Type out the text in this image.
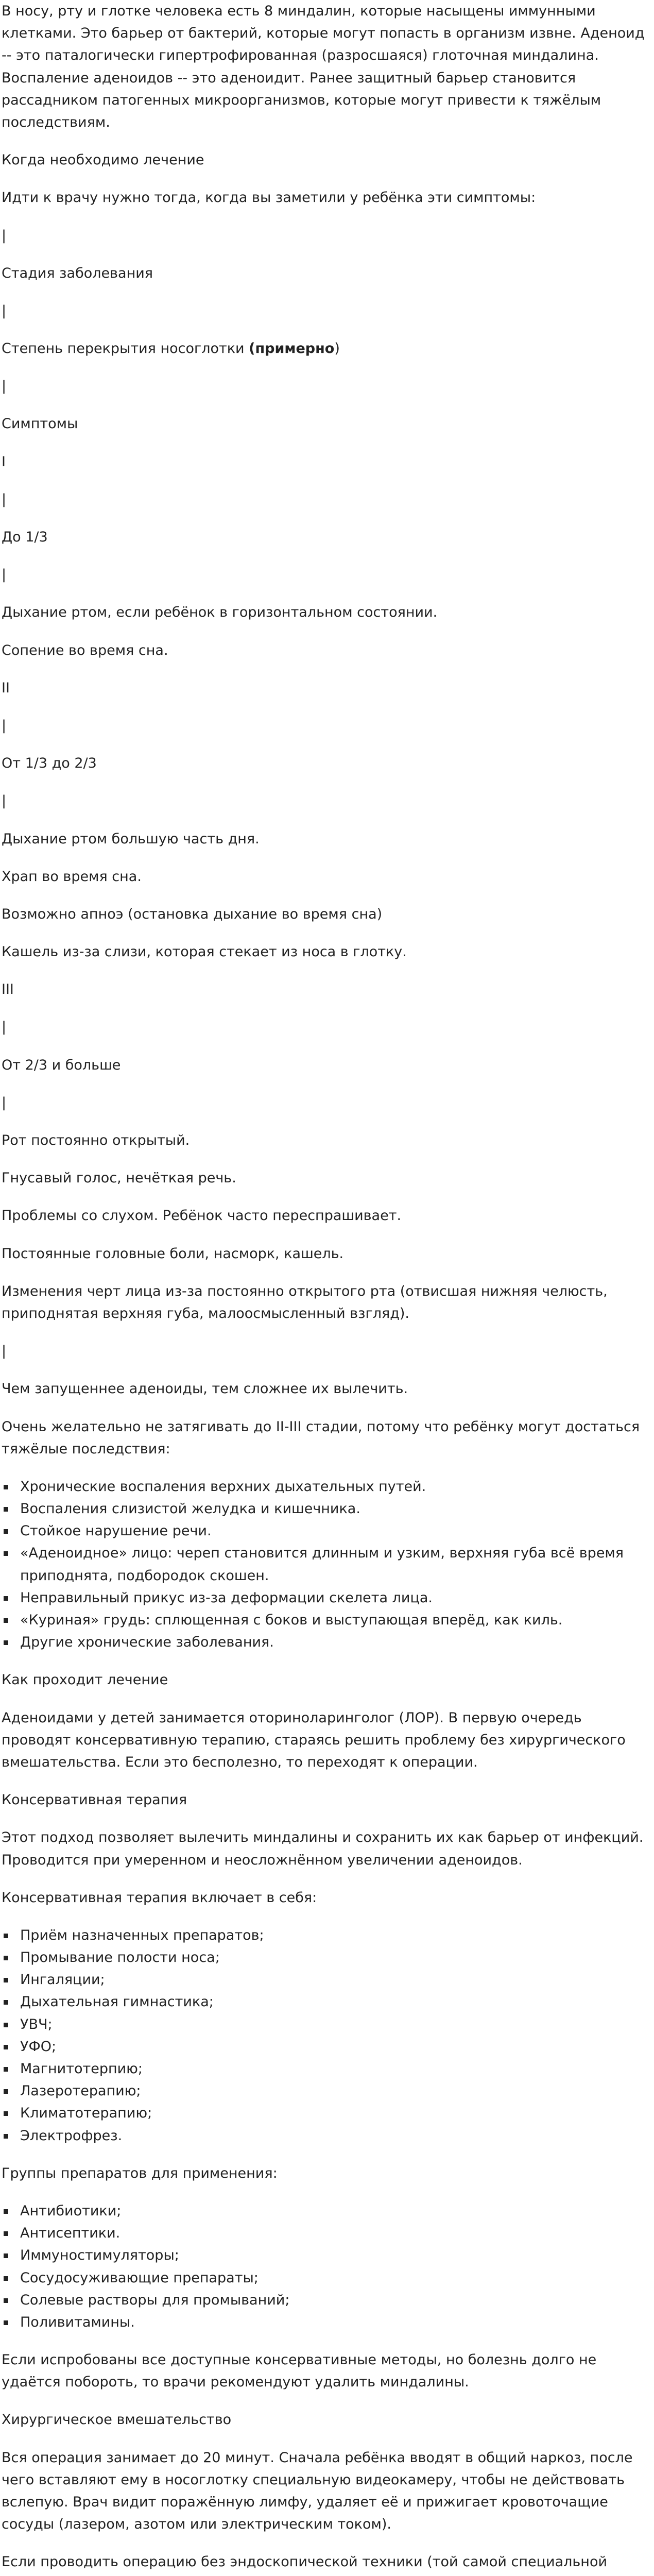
В носу, рту и глотке человека есть 8 миндалин, которые насыщены иммунными клетками. Это барьер от бактерий, которые могут попасть в организм извне. Аденоид -- это паталогически гипертрофированная (разросшаяся) глоточная миндалина. Воспаление аденоидов -- это аденоидит. Ранее защитный барьер становится рассадником патогенных микроорганизмов, которые могут привести к тяжёлым последствиям.

Когда необходимо лечение

Идти к врачу нужно тогда, когда вы заметили у ребёнка эти симптомы:

|

Стадия заболевания

|

Степень перекрытия носоглотки (примерно)

|

Симптомы

I

|

До 1/3

|

Дыхание ртом, если ребёнок в горизонтальном состоянии.

Сопение во время сна.

II

|

От 1/3 до 2/3

|

Дыхание ртом большую часть дня.

Храп во время сна.

Возможно апноэ (остановка дыхание во время сна)

Кашель из-за слизи, которая стекает из носа в глотку.

III

|

От 2/3 и больше

|

Рот постоянно открытый.

Гнусавый голос, нечёткая речь.

Проблемы со слухом. Ребёнок часто переспрашивает.

Постоянные головные боли, насморк, кашель.

Изменения черт лица из-за постоянно открытого рта (отвисшая нижняя челюсть, приподнятая верхняя губа, малоосмысленный взгляд).

|

Чем запущеннее аденоиды, тем сложнее их вылечить.

Очень желательно не затягивать до II-III стадии, потому что ребёнку могут достаться тяжёлые последствия:

Хронические воспаления верхних дыхательных путей.
Воспаления слизистой желудка и кишечника.
Стойкое нарушение речи.
«Аденоидное» лицо: череп становится длинным и узким, верхняя губа всё время приподнята, подбородок скошен.
Неправильный прикус из-за деформации скелета лица.
«Куриная» грудь: сплющенная с боков и выступающая вперёд, как киль.
Другие хронические заболевания.

Как проходит лечение

Аденоидами у детей занимается оториноларинголог (ЛОР). В первую очередь проводят консервативную терапию, стараясь решить проблему без хирургического вмешательства. Если это бесполезно, то переходят к операции.

Консервативная терапия

Этот подход позволяет вылечить миндалины и сохранить их как барьер от инфекций. Проводится при умеренном и неосложнённом увеличении аденоидов.

Консервативная терапия включает в себя:

Приём назначенных препаратов;
Промывание полости носа;
Ингаляции;
Дыхательная гимнастика;
УВЧ;
УФО;
Магнитотерпию;
Лазеротерапию;
Климатотерапию;
Электрофрез.

Группы препаратов для применения:

Антибиотики;
Антисептики.
Иммуностимуляторы;
Сосудосуживающие препараты;
Солевые растворы для промываний;
Поливитамины.

Если испробованы все доступные консервативные методы, но болезнь долго не удаётся побороть, то врачи рекомендуют удалить миндалины.

Хирургическое вмешательство

Вся операция занимает до 20 минут. Сначала ребёнка вводят в общий наркоз, после чего вставляют ему в носоглотку специальную видеокамеру, чтобы не действовать вслепую. Врач видит поражённую лимфу, удаляет её и прижигает кровоточащие сосуды (лазером, азотом или электрическим током).

Если проводить операцию без эндоскопической техники (той самой специальной
